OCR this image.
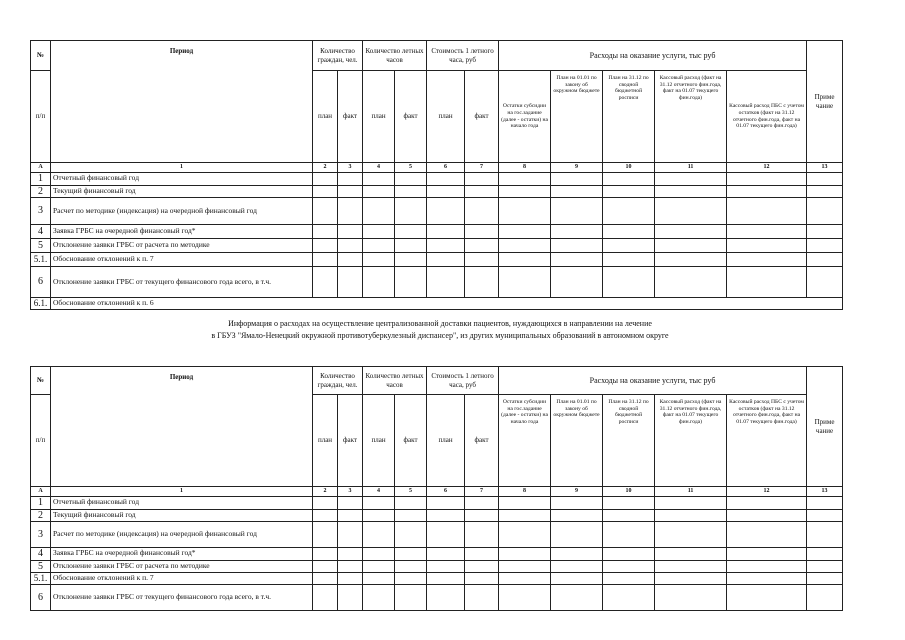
№	Период	Количество граждан, чел.		Количество летных часов		Стоимость 1 летного часа, руб		Расходы на оказание услуги, тыс руб					Приме чание
п/п		план	факт	план	факт	план	факт	Остатки субсидии на гос.задание (далее - остатки) на начало года	План на 01.01 по закону об окружном бюджете	План на 31.12 по сводной бюджетной росписи	Кассовый расход (факт на 31.12 отчетного фин.года, факт на 01.07 текущего фин.года)	Кассовый расход ПБС с учетом остатков (факт на 31.12 отчетного фин.года, факт на 01.07 текущего фин.года)	
А	1	2	3	4	5	6	7	8	9	10	11	12	13
1	Отчетный финансовый год												
2	Текущий финансовый год												
3	Расчет по методике (индексация) на очередной финансовый год												
4	Заявка ГРБС на очередной финансовый год*												
5	Отклонение заявки ГРБС от расчета по методике												
5.1.	Обоснование отклонений к п. 7												
6	Отклонение заявки ГРБС от текущего финансового года всего, в т.ч.												
6.1.	Обоснование отклонений к п. 6												
Информация о расходах на осуществление централизованной доставки пациентов, нуждающихся в направлении на лечение
в ГБУЗ "Ямало-Ненецкий окружной противотуберкулезный диспансер", из других муниципальных образований в автономном округе
№	Период	Количество граждан, чел.		Количество летных часов		Стоимость 1 летного часа, руб		Расходы на оказание услуги, тыс руб					Приме чание
п/п		план	факт	план	факт	план	факт	Остатки субсидии на гос.задание (далее - остатки) на начало года	План на 01.01 по закону об окружном бюджете	План на 31.12 по сводной бюджетной росписи	Кассовый расход (факт на 31.12 отчетного фин.года, факт на 01.07 текущего фин.года)	Кассовый расход ПБС с учетом остатков (факт на 31.12 отчетного фин.года, факт на 01.07 текущего фин.года)	
А	1	2	3	4	5	6	7	8	9	10	11	12	13
1	Отчетный финансовый год												
2	Текущий финансовый год												
3	Расчет по методике (индексация) на очередной финансовый год												
4	Заявка ГРБС на очередной финансовый год*												
5	Отклонение заявки ГРБС от расчета по методике												
5.1.	Обоснование отклонений к п. 7												
6	Отклонение заявки ГРБС от текущего финансового года всего, в т.ч.												
